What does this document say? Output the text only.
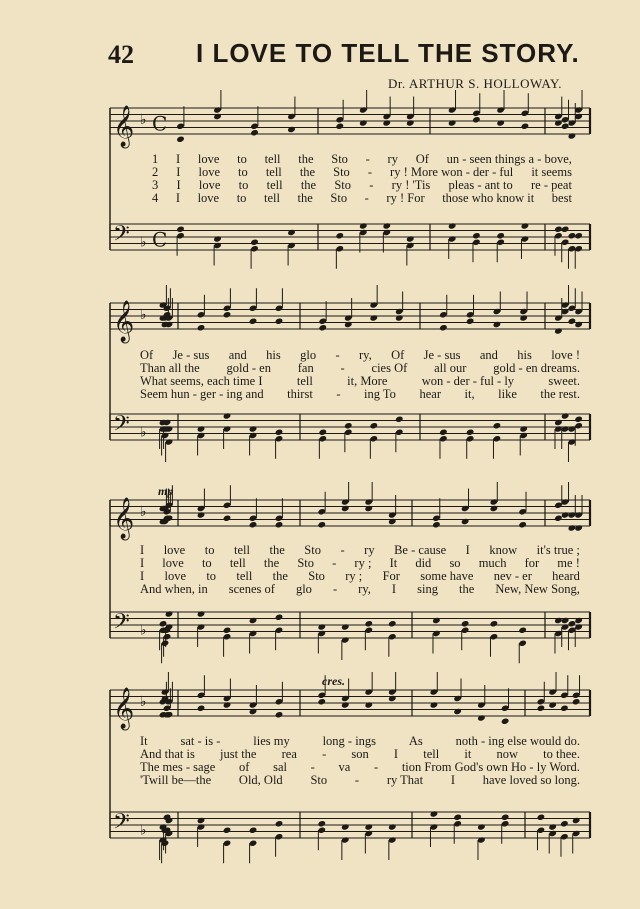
42 I LOVE TO TELL THE STORY.
Dr. ARTHUR S. HOLLOWAY.
𝄞 ♭
𝄢 ♭
C
C
𝄞 ♭
𝄢 ♭
𝄞 ♭
𝄢 ♭
𝄞 ♭
𝄢 ♭
1 I love to tell the Sto - ry Of un - seen things a - bove,
2 I love to tell the Sto - ry ! More won - der - ful it seems
3 I love to tell the Sto - ry ! 'Tis pleas - ant to re - peat
4 I love to tell the Sto - ry ! For those who know it best
Of Je - sus and his glo - ry, Of Je - sus and his love !
Than all the gold - en fan - cies Of all our gold - en dreams.
What seems, each time I	tell	it, More	won - der - ful - ly	sweet.
Seem hun - ger - ing and thirst - ing To hear it, like the rest.
I love to tell the Sto - ry Be - cause I know it's true ;
I love to tell the Sto - ry ; It did so much for me !
I love to tell the Sto ry ; For some have nev - er heard
And when, in scenes of glo - ry, I sing the New, New Song,
mp
It	sat - is -	lies my	long - ings	As	noth - ing else would do.
And that is just the rea - son I tell it now to thee.
The mes - sage of sal - va - tion From God's own Ho - ly Word.
'Twill be—the Old, Old Sto - ry That I have loved so long.
cres.
